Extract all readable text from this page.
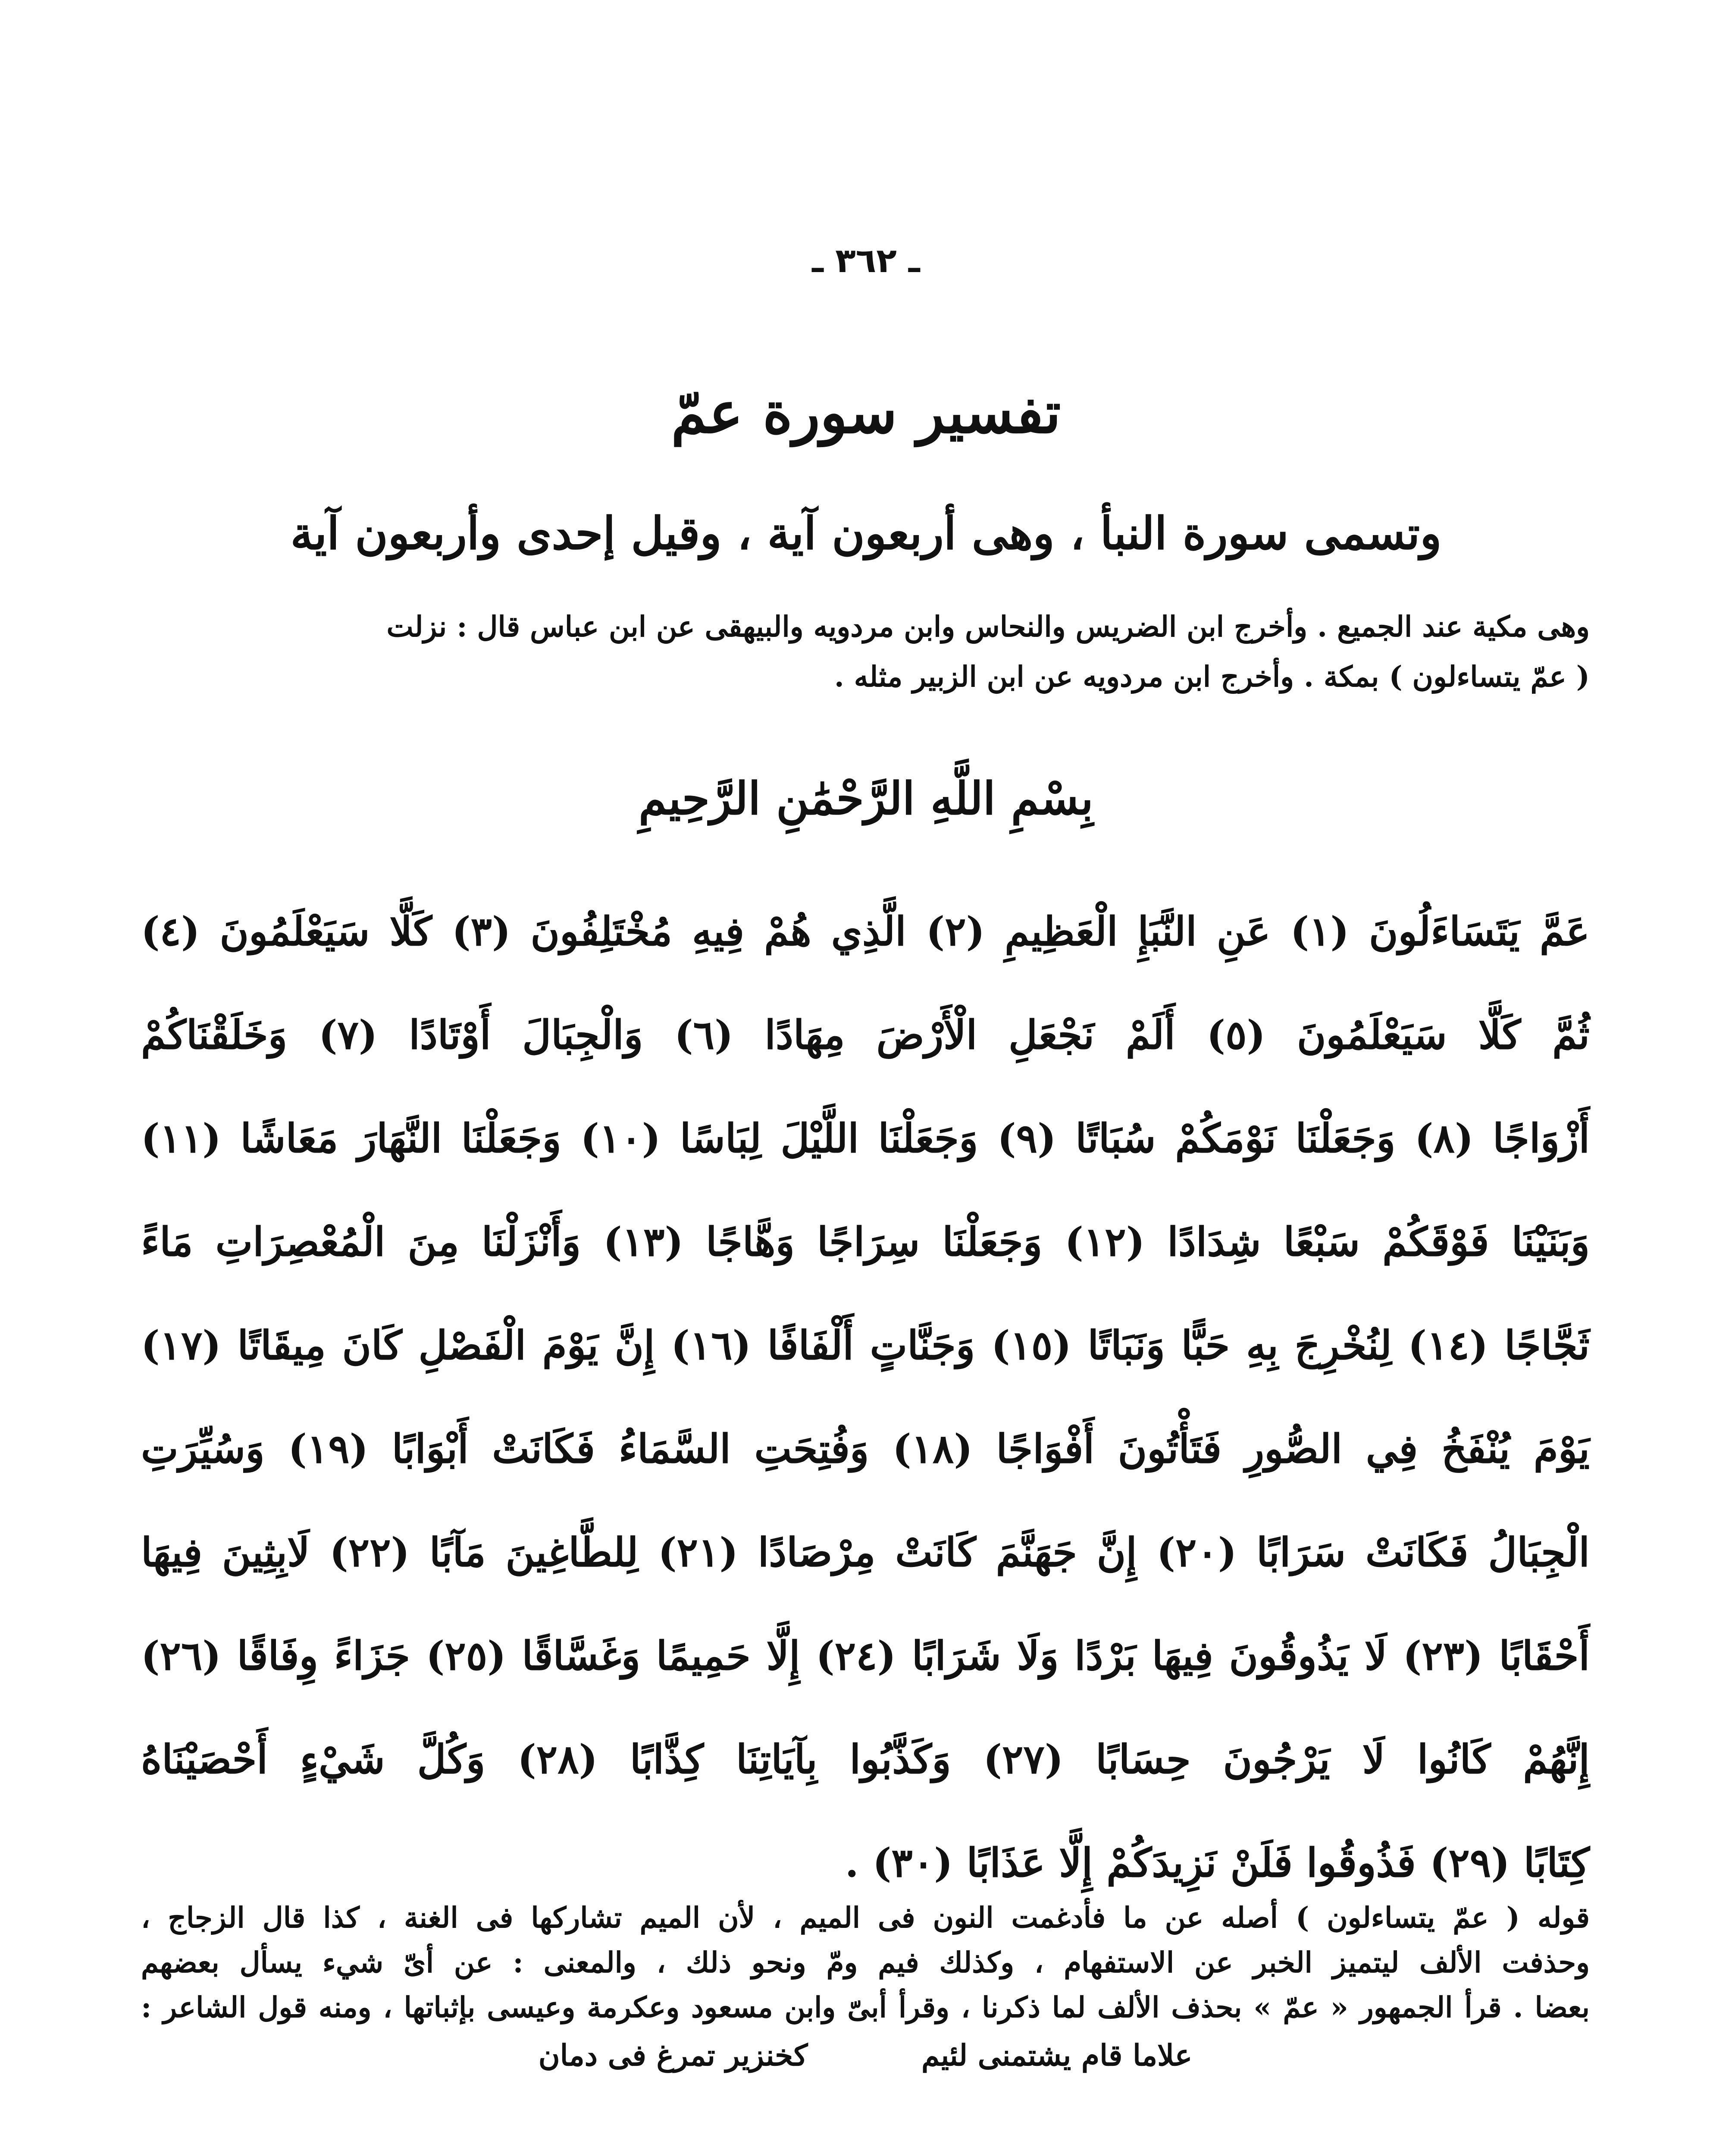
ـ ٣٦٢ ـ
تفسير سورة عمّ
وتسمى سورة النبأ ، وهى أربعون آية ، وقيل إحدى وأربعون آية
وهى مكية عند الجميع . وأخرج ابن الضريس والنحاس وابن مردويه والبيهقى عن ابن عباس قال : نزلت
( عمّ يتساءلون ) بمكة . وأخرج ابن مردويه عن ابن الزبير مثله .
بِسْمِ اللَّهِ الرَّحْمَٰنِ الرَّحِيمِ
عَمَّ يَتَسَاءَلُونَ (١) عَنِ النَّبَإِ الْعَظِيمِ (٢) الَّذِي هُمْ فِيهِ مُخْتَلِفُونَ (٣) كَلَّا سَيَعْلَمُونَ (٤)
ثُمَّ كَلَّا سَيَعْلَمُونَ (٥) أَلَمْ نَجْعَلِ الْأَرْضَ مِهَادًا (٦) وَالْجِبَالَ أَوْتَادًا (٧) وَخَلَقْنَاكُمْ
أَزْوَاجًا (٨) وَجَعَلْنَا نَوْمَكُمْ سُبَاتًا (٩) وَجَعَلْنَا اللَّيْلَ لِبَاسًا (١٠) وَجَعَلْنَا النَّهَارَ مَعَاشًا (١١)
وَبَنَيْنَا فَوْقَكُمْ سَبْعًا شِدَادًا (١٢) وَجَعَلْنَا سِرَاجًا وَهَّاجًا (١٣) وَأَنْزَلْنَا مِنَ الْمُعْصِرَاتِ مَاءً
ثَجَّاجًا (١٤) لِنُخْرِجَ بِهِ حَبًّا وَنَبَاتًا (١٥) وَجَنَّاتٍ أَلْفَافًا (١٦) إِنَّ يَوْمَ الْفَصْلِ كَانَ مِيقَاتًا (١٧)
يَوْمَ يُنْفَخُ فِي الصُّورِ فَتَأْتُونَ أَفْوَاجًا (١٨) وَفُتِحَتِ السَّمَاءُ فَكَانَتْ أَبْوَابًا (١٩) وَسُيِّرَتِ
الْجِبَالُ فَكَانَتْ سَرَابًا (٢٠) إِنَّ جَهَنَّمَ كَانَتْ مِرْصَادًا (٢١) لِلطَّاغِينَ مَآبًا (٢٢) لَابِثِينَ فِيهَا
أَحْقَابًا (٢٣) لَا يَذُوقُونَ فِيهَا بَرْدًا وَلَا شَرَابًا (٢٤) إِلَّا حَمِيمًا وَغَسَّاقًا (٢٥) جَزَاءً وِفَاقًا (٢٦)
إِنَّهُمْ كَانُوا لَا يَرْجُونَ حِسَابًا (٢٧) وَكَذَّبُوا بِآيَاتِنَا كِذَّابًا (٢٨) وَكُلَّ شَيْءٍ أَحْصَيْنَاهُ
كِتَابًا (٢٩) فَذُوقُوا فَلَنْ نَزِيدَكُمْ إِلَّا عَذَابًا (٣٠) .
قوله ( عمّ يتساءلون ) أصله عن ما فأدغمت النون فى الميم ، لأن الميم تشاركها فى الغنة ، كذا قال الزجاج ،
وحذفت الألف ليتميز الخبر عن الاستفهام ، وكذلك فيم ومّ ونحو ذلك ، والمعنى : عن أىّ شيء يسأل بعضهم
بعضا . قرأ الجمهور « عمّ » بحذف الألف لما ذكرنا ، وقرأ أبىّ وابن مسعود وعكرمة وعيسى بإثباتها ، ومنه قول الشاعر :
علاما قام يشتمنى لئيم كخنزير تمرغ فى دمان
